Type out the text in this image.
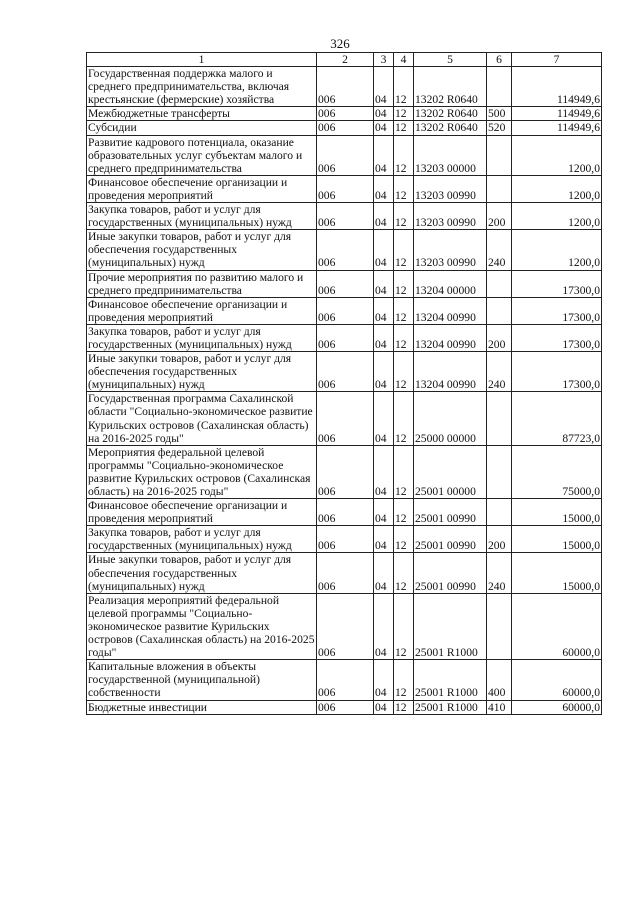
326
1	2	3	4	5	6	7
Государственная поддержка малого и среднего предпринимательства, включая крестьянские (фермерские) хозяйства	006	04	12	13202 R0640		114949,6
Межбюджетные трансферты	006	04	12	13202 R0640	500	114949,6
Субсидии	006	04	12	13202 R0640	520	114949,6
Развитие кадрового потенциала, оказание образовательных услуг субъектам малого и среднего предпринимательства	006	04	12	13203 00000		1200,0
Финансовое обеспечение организации и проведения мероприятий	006	04	12	13203 00990		1200,0
Закупка товаров, работ и услуг для государственных (муниципальных) нужд	006	04	12	13203 00990	200	1200,0
Иные закупки товаров, работ и услуг для обеспечения государственных (муниципальных) нужд	006	04	12	13203 00990	240	1200,0
Прочие мероприятия по развитию малого и среднего предпринимательства	006	04	12	13204 00000		17300,0
Финансовое обеспечение организации и проведения мероприятий	006	04	12	13204 00990		17300,0
Закупка товаров, работ и услуг для государственных (муниципальных) нужд	006	04	12	13204 00990	200	17300,0
Иные закупки товаров, работ и услуг для обеспечения государственных (муниципальных) нужд	006	04	12	13204 00990	240	17300,0
Государственная программа Сахалинской области "Социально-экономическое развитие Курильских островов (Сахалинская область) на 2016-2025 годы"	006	04	12	25000 00000		87723,0
Мероприятия федеральной целевой программы "Социально-экономическое развитие Курильских островов (Сахалинская область) на 2016-2025 годы"	006	04	12	25001 00000		75000,0
Финансовое обеспечение организации и проведения мероприятий	006	04	12	25001 00990		15000,0
Закупка товаров, работ и услуг для государственных (муниципальных) нужд	006	04	12	25001 00990	200	15000,0
Иные закупки товаров, работ и услуг для обеспечения государственных (муниципальных) нужд	006	04	12	25001 00990	240	15000,0
Реализация мероприятий федеральной целевой программы "Социально-экономическое развитие Курильских островов (Сахалинская область) на 2016-2025 годы"	006	04	12	25001 R1000		60000,0
Капитальные вложения в объекты государственной (муниципальной) собственности	006	04	12	25001 R1000	400	60000,0
Бюджетные инвестиции	006	04	12	25001 R1000	410	60000,0
